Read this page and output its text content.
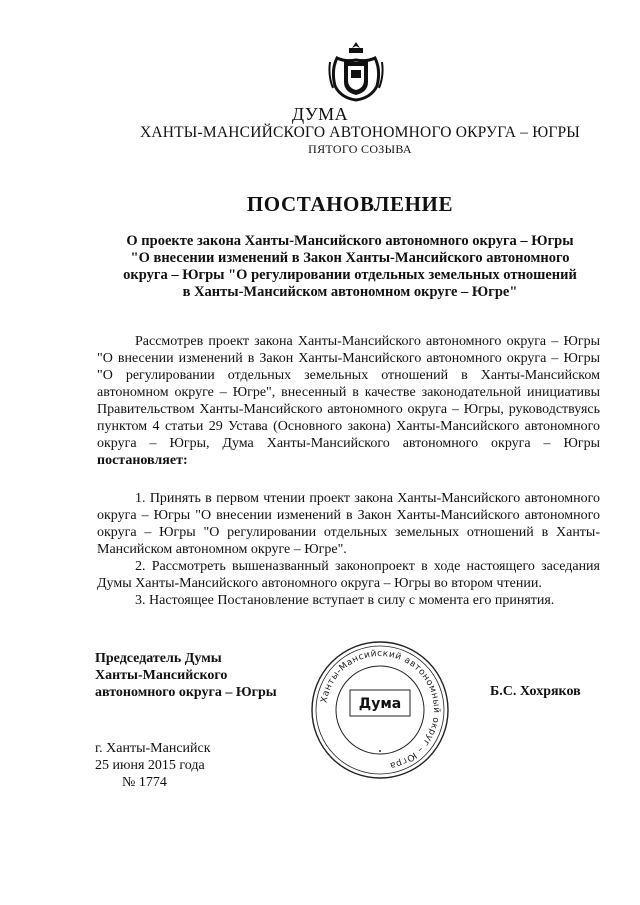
ДУМА
ХАНТЫ-МАНСИЙСКОГО АВТОНОМНОГО ОКРУГА – ЮГРЫ
ПЯТОГО СОЗЫВА
ПОСТАНОВЛЕНИЕ
О проекте закона Ханты-Мансийского автономного округа – Югры
"О внесении изменений в Закон Ханты-Мансийского автономного
округа – Югры "О регулировании отдельных земельных отношений
в Ханты-Мансийском автономном округе – Югре"

Рассмотрев проект закона Ханты-Мансийского автономного округа – Югры "О внесении изменений в Закон Ханты-Мансийского автономного округа – Югры "О регулировании отдельных земельных отношений в Ханты-Мансийском автономном округе – Югре", внесенный в качестве законодательной инициативы Правительством Ханты-Мансийского автономного округа – Югры, руководствуясь пунктом 4 статьи 29 Устава (Основного закона) Ханты-Мансийского автономного округа – Югры, Дума Ханты-Мансийского автономного округа – Югры постановляет:

1. Принять в первом чтении проект закона Ханты-Мансийского автономного округа – Югры "О внесении изменений в Закон Ханты-Мансийского автономного округа – Югры "О регулировании отдельных земельных отношений в Ханты-Мансийском автономном округе – Югре".

2. Рассмотреть вышеназванный законопроект в ходе настоящего заседания Думы Ханты-Мансийского автономного округа – Югры во втором чтении.

3. Настоящее Постановление вступает в силу с момента его принятия.

Председатель Думы
Ханты-Мансийского
автономного округа – Югры	Ханты-Мансийский автономный округ – Югра
Дума
•
Б.С. Хохряков
г. Ханты-Мансийск
25 июня 2015 года
№ 1774
